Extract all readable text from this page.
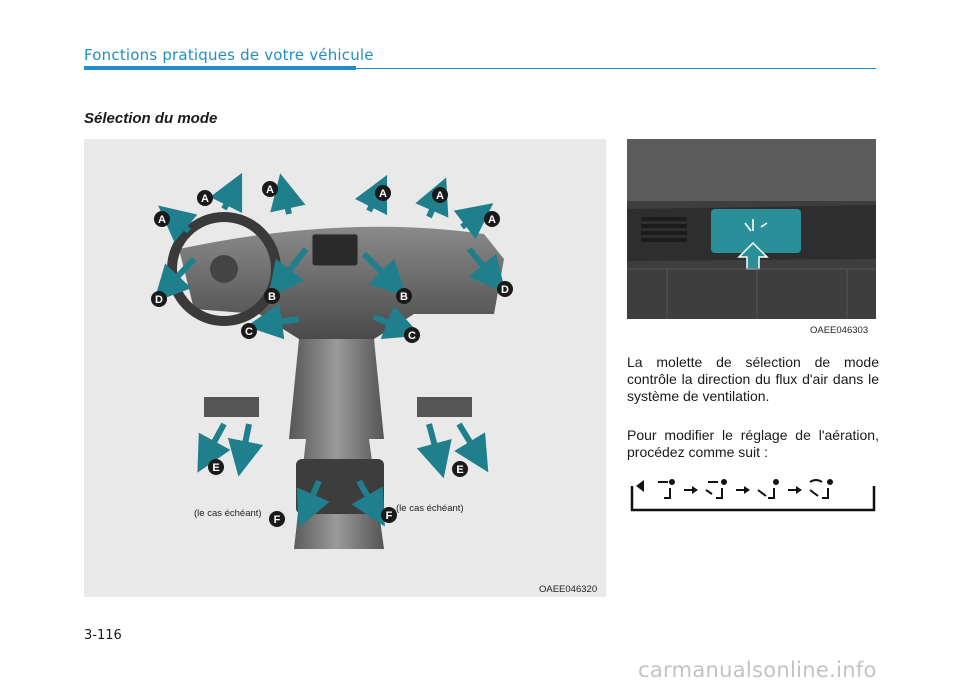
Fonctions pratiques de votre véhicule
Sélection du mode
A
A	A	A
A	A
B	B
C	C
D
D
E	E
F	F
(le cas échéant)	(le cas échéant)
OAEE046320
OAEE046303
La molette de sélection de mode contrôle la direction du flux d'air dans le système de ventilation.
Pour modifier le réglage de l'aération, procédez comme suit :
3-116
carmanualsonline.info
